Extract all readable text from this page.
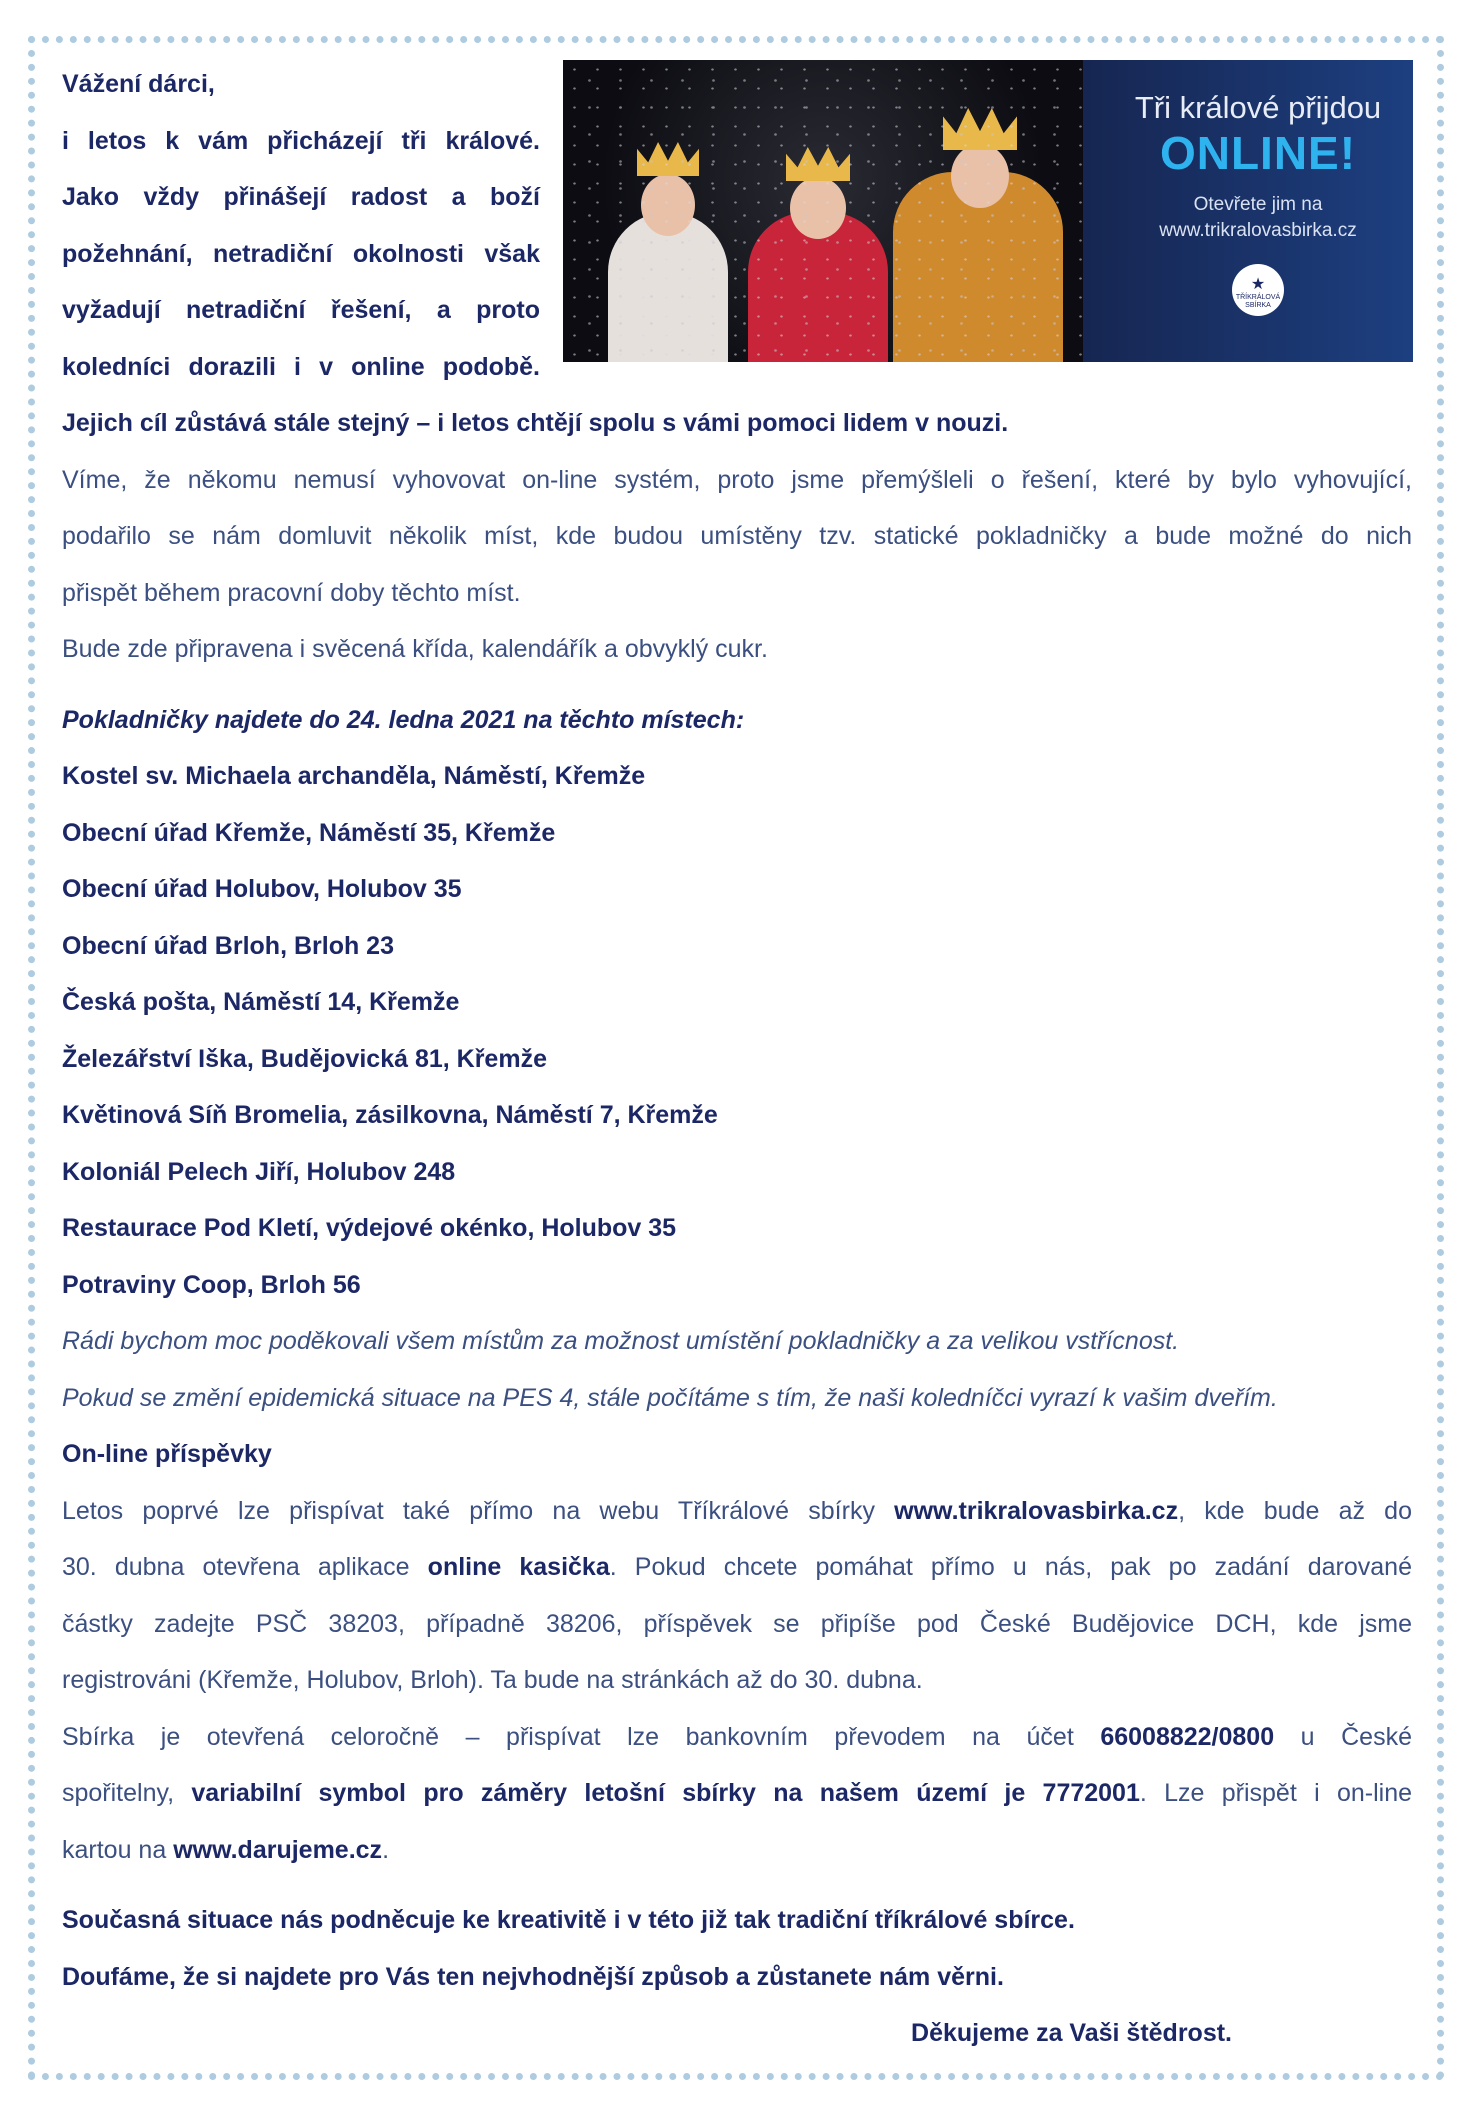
Tři králové přijdou
ONLINE!
Otevřete jim na
www.trikralovasbirka.cz
★
TŘÍKRÁLOVÁ SBÍRKA

Vážení dárci,

i letos k vám přicházejí tři králové.

Jako vždy přinášejí radost a boží

požehnání, netradiční okolnosti však

vyžadují netradiční řešení, a proto

koledníci dorazili i v online podobě.

Jejich cíl zůstává stále stejný – i letos chtějí spolu s vámi pomoci lidem v nouzi.

Víme, že někomu nemusí vyhovovat on-line systém, proto jsme přemýšleli o řešení, které by bylo vyhovující,

podařilo se nám domluvit několik míst, kde budou umístěny tzv. statické pokladničky a bude možné do nich

přispět během pracovní doby těchto míst.

Bude zde připravena i svěcená křída, kalendářík a obvyklý cukr.

Pokladničky najdete do 24. ledna 2021 na těchto místech:

Kostel sv. Michaela archanděla, Náměstí, Křemže

Obecní úřad Křemže, Náměstí 35, Křemže

Obecní úřad Holubov, Holubov 35

Obecní úřad Brloh, Brloh 23

Česká pošta, Náměstí 14, Křemže

Železářství Iška, Budějovická 81, Křemže

Květinová Síň Bromelia, zásilkovna, Náměstí 7, Křemže

Koloniál Pelech Jiří, Holubov 248

Restaurace Pod Kletí, výdejové okénko, Holubov 35

Potraviny Coop, Brloh 56

Rádi bychom moc poděkovali všem místům za možnost umístění pokladničky a za velikou vstřícnost.

Pokud se změní epidemická situace na PES 4, stále počítáme s tím, že naši koledníčci vyrazí k vašim dveřím.

On-line příspěvky

Letos poprvé lze přispívat také přímo na webu Tříkrálové sbírky www.trikralovasbirka.cz, kde bude až do

30. dubna otevřena aplikace online kasička. Pokud chcete pomáhat přímo u nás, pak po zadání darované

částky zadejte PSČ 38203, případně 38206, příspěvek se připíše pod České Budějovice DCH, kde jsme

registrováni (Křemže, Holubov, Brloh). Ta bude na stránkách až do 30. dubna.

Sbírka je otevřená celoročně – přispívat lze bankovním převodem na účet 66008822/0800 u České

spořitelny, variabilní symbol pro záměry letošní sbírky na našem území je 7772001. Lze přispět i on-line

kartou na www.darujeme.cz.

Současná situace nás podněcuje ke kreativitě i v této již tak tradiční tříkrálové sbírce.

Doufáme, že si najdete pro Vás ten nejvhodnější způsob a zůstanete nám věrni.

Děkujeme za Vaši štědrost.
